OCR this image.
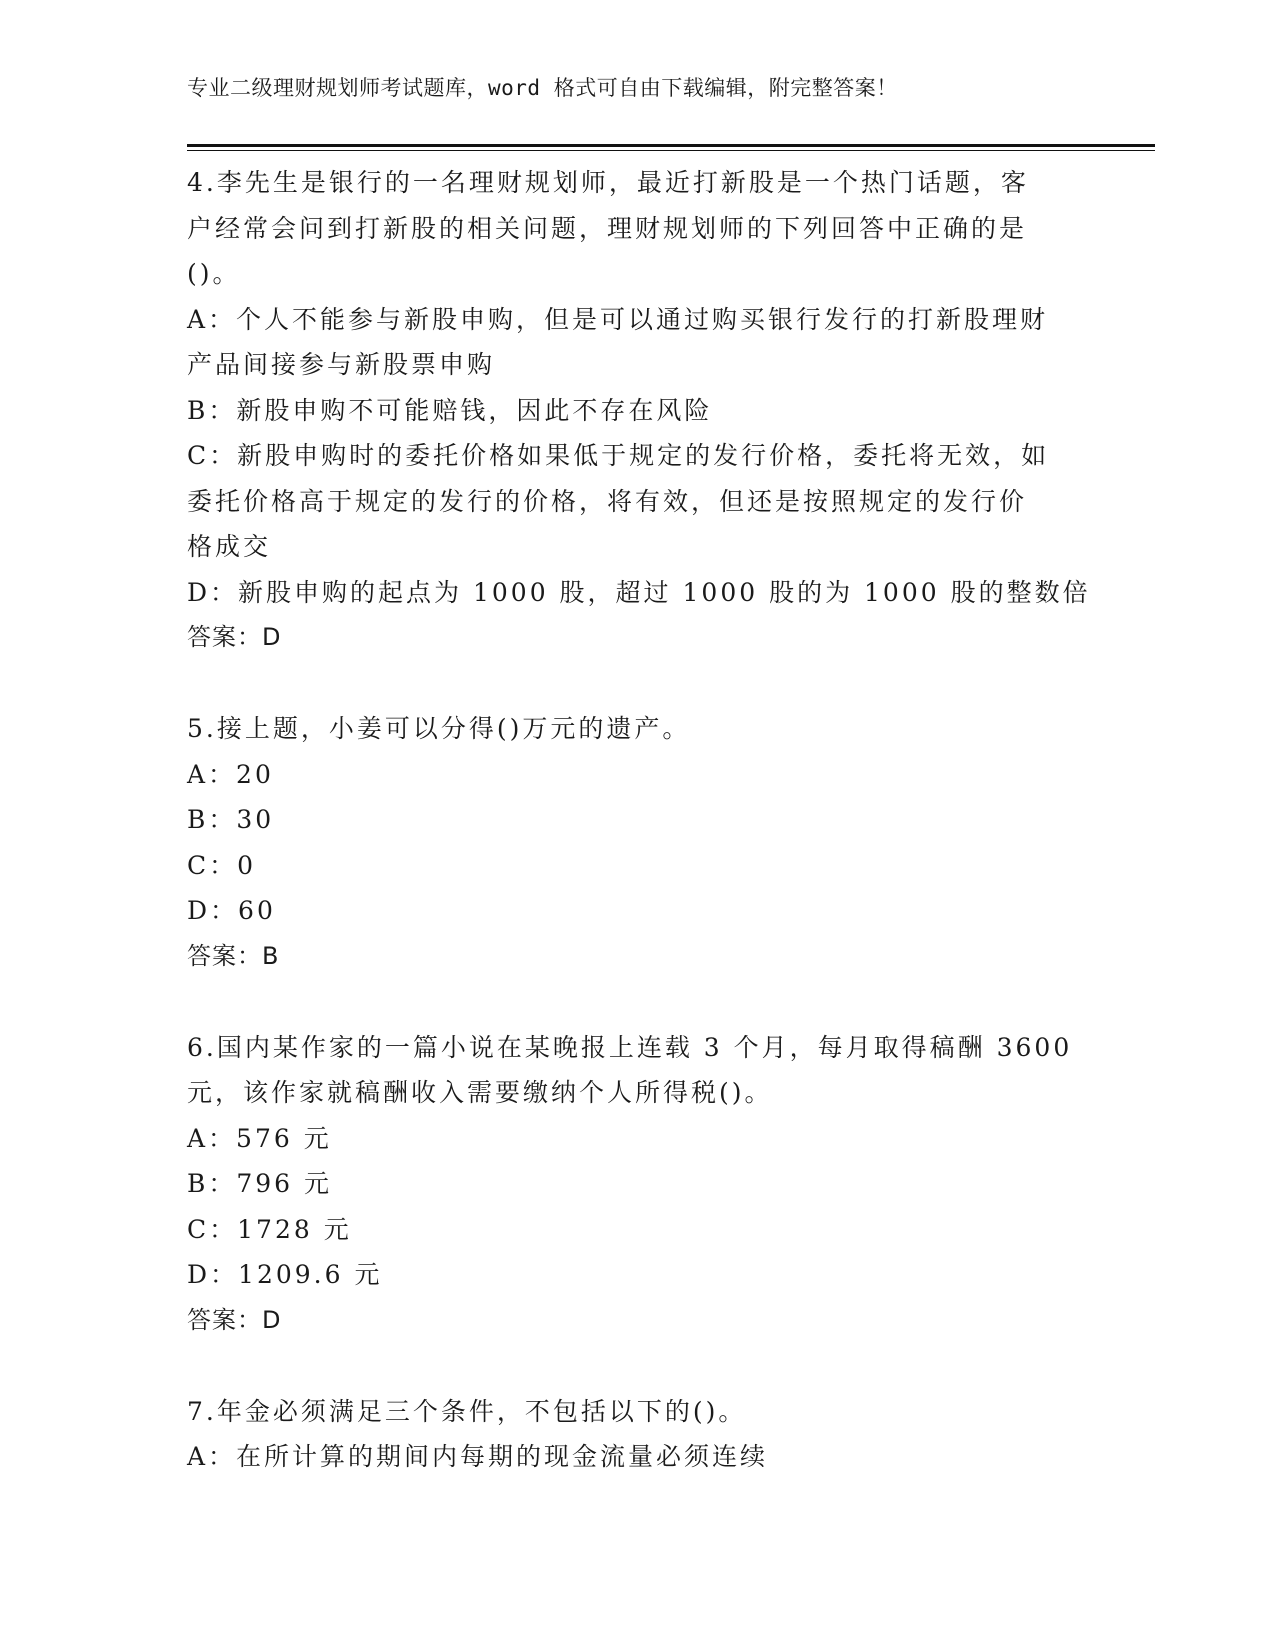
专业二级理财规划师考试题库，word 格式可自由下载编辑，附完整答案！
4.李先生是银行的一名理财规划师，最近打新股是一个热门话题，客
户经常会问到打新股的相关问题，理财规划师的下列回答中正确的是
()。
A：个人不能参与新股申购，但是可以通过购买银行发行的打新股理财
产品间接参与新股票申购
B：新股申购不可能赔钱，因此不存在风险
C：新股申购时的委托价格如果低于规定的发行价格，委托将无效，如
委托价格高于规定的发行的价格，将有效，但还是按照规定的发行价
格成交
D：新股申购的起点为 1000 股，超过 1000 股的为 1000 股的整数倍
答案：D
5.接上题，小姜可以分得()万元的遗产。
A：20
B：30
C：0
D：60
答案：B
6.国内某作家的一篇小说在某晚报上连载 3 个月，每月取得稿酬 3600
元，该作家就稿酬收入需要缴纳个人所得税()。
A：576 元
B：796 元
C：1728 元
D：1209.6 元
答案：D
7.年金必须满足三个条件，不包括以下的()。
A：在所计算的期间内每期的现金流量必须连续
